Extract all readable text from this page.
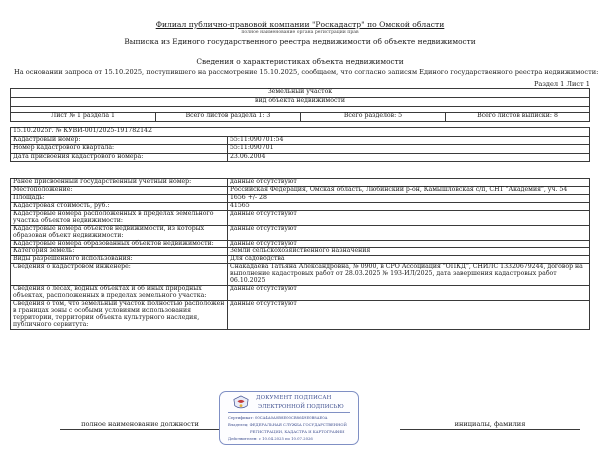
Филиал публично-правовой компании "Роскадастр" по Омской области
полное наименование органа регистрации прав
Выписка из Единого государственного реестра недвижимости об объекте недвижимости
Сведения о характеристиках объекта недвижимости
На основании запроса от 15.10.2025, поступившего на рассмотрение 15.10.2025, сообщаем, что согласно записям Единого государственного реестра недвижимости:
Раздел 1 Лист 1
Земельный участок
вид объекта недвижимости

Лист № 1 раздела 1	Всего листов раздела 1: 3	Всего разделов: 5	Всего листов выписки: 8
15.10.2025г. № КУВИ-001/2025-191782142	
Кадастровый номер:	55:11:090701:54
Номер кадастрового квартала:	55:11:090701
Дата присвоения кадастрового номера:	23.06.2004
Ранее присвоенный государственный учетный номер:	данные отсутствуют
Местоположение:	Российская Федерация, Омская область, Любинский р-он, Камышловская с/п, СНТ "Академия", уч. 54
Площадь:	1656 +/- 28
Кадастровая стоимость, руб.:	41565
Кадастровые номера расположенных в пределах земельного участка объектов недвижимости:	данные отсутствуют
Кадастровые номера объектов недвижимости, из которых образован объект недвижимости:	данные отсутствуют
Кадастровые номера образованных объектов недвижимости:	данные отсутствуют
Категория земель:	Земли сельскохозяйственного назначения
Виды разрешенного использования:	Для садоводства
Сведения о кадастровом инженере:	Снакадаева Татьяна Александровна, № 0900, в СРО Ассоциация "ОПКД", СНИЛС 13320679244, договор на выполнение кадастровых работ от 28.03.2025 № 193-ИЛ/2025, дата завершения кадастровых работ 06.10.2025
Сведения о лесах, водных объектах и об иных природных объектах, расположенных в пределах земельного участка:	данные отсутствуют
Сведения о том, что земельный участок полностью расположен в границах зоны с особыми условиями использования территории, территории объекта культурного наследия, публичного сервитута:	данные отсутствуют
полное наименование должности	инициалы, фамилия
ДОКУМЕНТ ПОДПИСАН
ЭЛЕКТРОННОЙ ПОДПИСЬЮ
Сертификат: 00CA4A0A0B8E00CB8649E0B8AE0A
Владелец: ФЕДЕРАЛЬНАЯ СЛУЖБА ГОСУДАРСТВЕННОЙ
РЕГИСТРАЦИИ, КАДАСТРА И КАРТОГРАФИИ
Действителен: с 10.04.2025 по 10.07.2026
